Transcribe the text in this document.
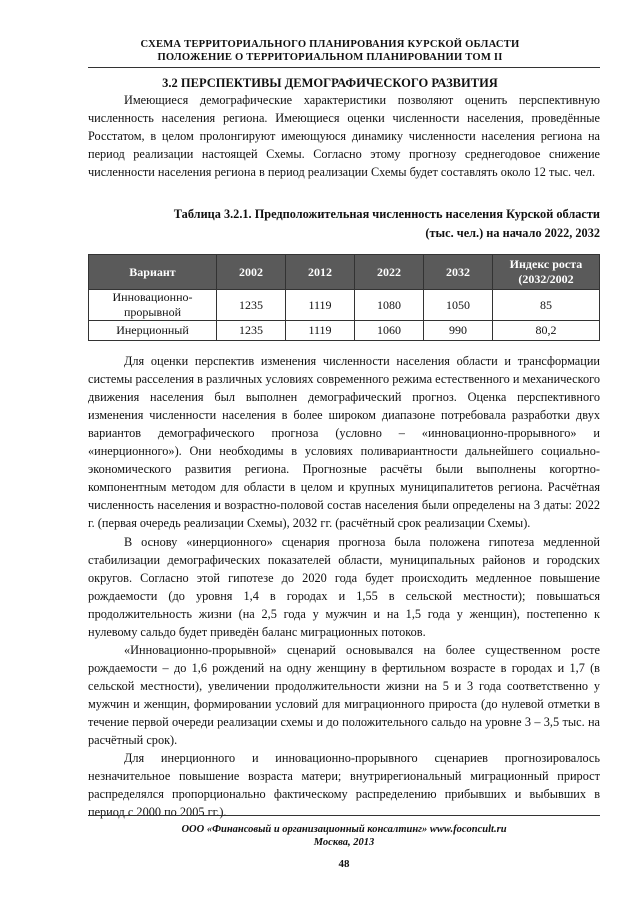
СХЕМА ТЕРРИТОРИАЛЬНОГО ПЛАНИРОВАНИЯ КУРСКОЙ ОБЛАСТИ
ПОЛОЖЕНИЕ О ТЕРРИТОРИАЛЬНОМ ПЛАНИРОВАНИИ ТОМ II
3.2 ПЕРСПЕКТИВЫ ДЕМОГРАФИЧЕСКОГО РАЗВИТИЯ

Имеющиеся демографические характеристики позволяют оценить перспективную численность населения региона. Имеющиеся оценки численности населения, проведённые Росстатом, в целом пролонгируют имеющуюся динамику численности населения региона на период реализации настоящей Схемы. Согласно этому прогнозу среднегодовое снижение численности населения региона в период реализации Схемы будет составлять около 12 тыс. чел.

Таблица 3.2.1. Предположительная численность населения Курской области
(тыс. чел.) на начало 2022, 2032
Вариант	2002	2012	2022	2032	Индекс роста
(2032/2002

Инновационно-прорывной	1235	1119	1080	1050	85
Инерционный	1235	1119	1060	990	80,2

Для оценки перспектив изменения численности населения области и трансформации системы расселения в различных условиях современного режима естественного и механического движения населения был выполнен демографический прогноз. Оценка перспективного изменения численности населения в более широком диапазоне потребовала разработки двух вариантов демографического прогноза (условно – «инновационно-прорывного» и «инерционного»). Они необходимы в условиях поливариантности дальнейшего социально-экономического развития региона. Прогнозные расчёты были выполнены когортно-компонентным методом для области в целом и крупных муниципалитетов региона. Расчётная численность населения и возрастно-половой состав населения были определены на 3 даты: 2022 г. (первая очередь реализации Схемы), 2032 гг. (расчётный срок реализации Схемы).

В основу «инерционного» сценария прогноза была положена гипотеза медленной стабилизации демографических показателей области, муниципальных районов и городских округов. Согласно этой гипотезе до 2020 года будет происходить медленное повышение рождаемости (до уровня 1,4 в городах и 1,55 в сельской местности); повышаться продолжительность жизни (на 2,5 года у мужчин и на 1,5 года у женщин), постепенно к нулевому сальдо будет приведён баланс миграционных потоков.

«Инновационно-прорывной» сценарий основывался на более существенном росте рождаемости – до 1,6 рождений на одну женщину в фертильном возрасте в городах и 1,7 (в сельской местности), увеличении продолжительности жизни на 5 и 3 года соответственно у мужчин и женщин, формировании условий для миграционного прироста (до нулевой отметки в течение первой очереди реализации схемы и до положительного сальдо на уровне 3 – 3,5 тыс. на расчётный срок).

Для инерционного и инновационно-прорывного сценариев прогнозировалось незначительное повышение возраста матери; внутрирегиональный миграционный прирост распределялся пропорционально фактическому распределению прибывших и выбывших в период с 2000 по 2005 гг.).

ООО «Финансовый и организационный консалтинг» www.foconcult.ru
Москва, 2013
48
